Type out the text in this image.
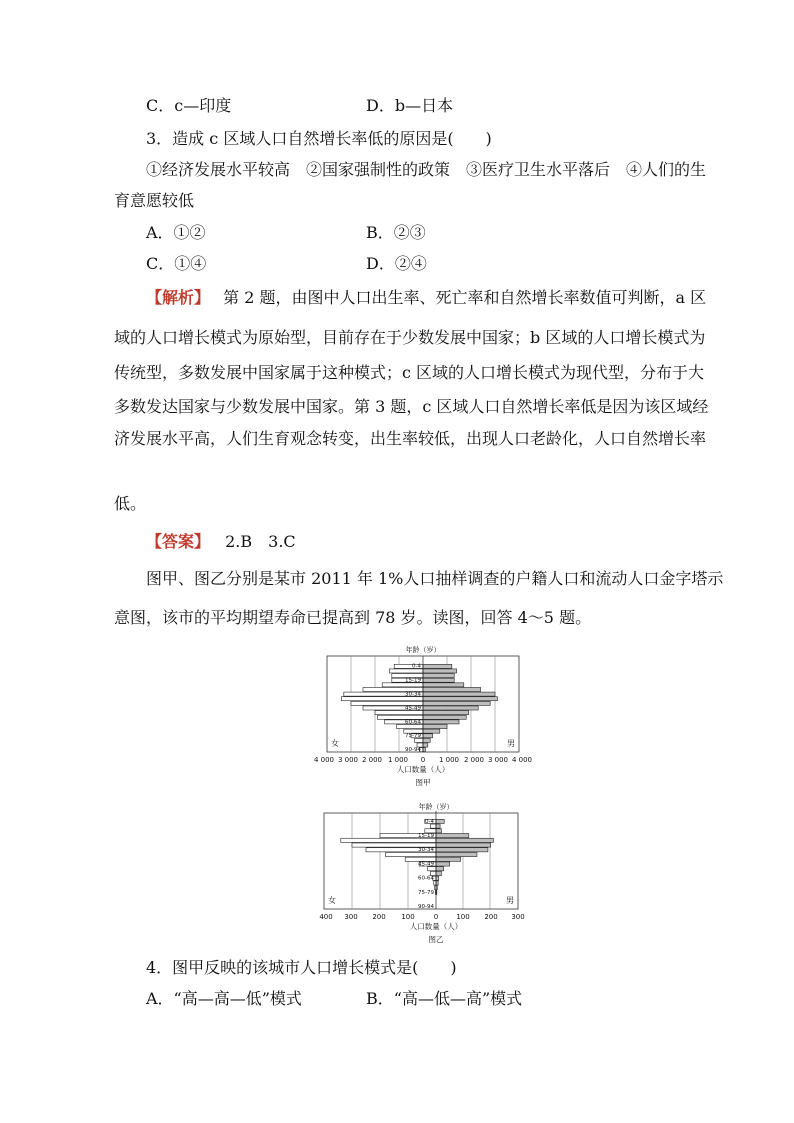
C．c—印度	D．b—日本
3．造成 c 区域人口自然增长率低的原因是(　　)
①经济发展水平较高　②国家强制性的政策　③医疗卫生水平落后　④人们的生
育意愿较低
A．①②	B．②③
C．①④	D．②④
【解析】 第 2 题，由图中人口出生率、死亡率和自然增长率数值可判断，a 区
域的人口增长模式为原始型，目前存在于少数发展中国家；b 区域的人口增长模式为
传统型，多数发展中国家属于这种模式；c 区域的人口增长模式为现代型，分布于大
多数发达国家与少数发展中国家。第 3 题，c 区域人口自然增长率低是因为该区域经
济发展水平高，人们生育观念转变，出生率较低，出现人口老龄化，人口自然增长率
低。
【答案】 2.B　3.C
图甲、图乙分别是某市 2011 年 1%人口抽样调查的户籍人口和流动人口金字塔示
意图，该市的平均期望寿命已提高到 78 岁。读图，回答 4～5 题。
年龄（岁）
90-94
75-79
60-64
45-49
30-34
15-19
0-4
女	男
4 000 3 000 2 000 1 000 0 1 000 2 000 3 000 4 000
人口数量（人）
图甲
年龄（岁）
90-94
75-79
60-64
45-49
30-34
15-19
0-4
女	男
400 300 200 100	0	100 200 300
人口数量（人）
图乙
4．图甲反映的该城市人口增长模式是(　　)
A．“高—高—低”模式	B．“高—低—高”模式
